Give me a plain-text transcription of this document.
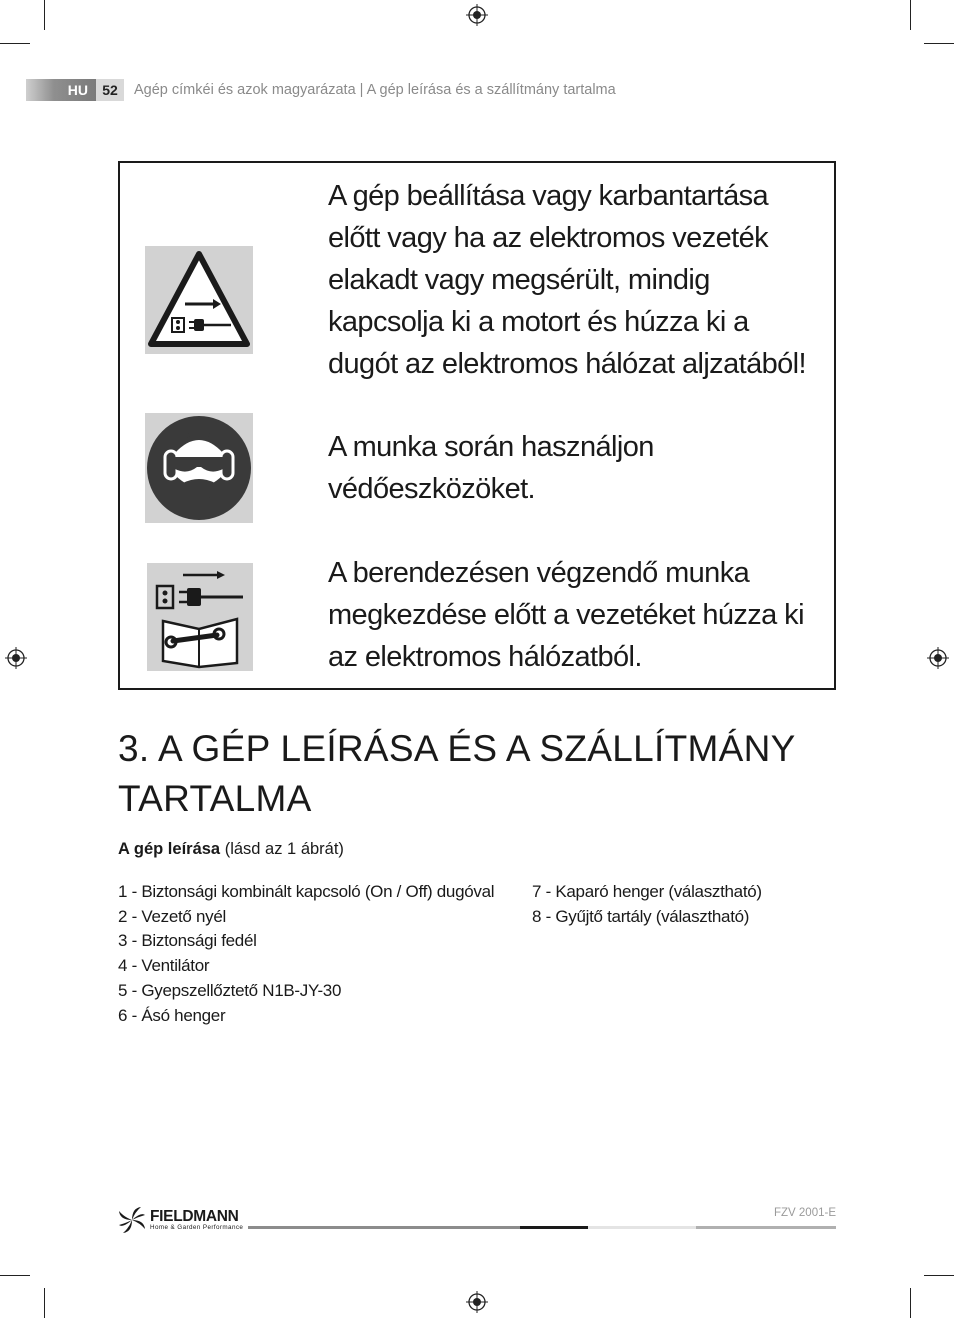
HU	52	Agép címkéi és azok magyarázata | A gép leírása és a szállítmány tartalma
A gép beállítása vagy karbantartása
előtt vagy ha az elektromos vezeték
elakadt vagy megsérült, mindig
kapcsolja ki a motort és húzza ki a
dugót az elektromos hálózat aljzatából!
A munka során használjon
védőeszközöket.
A berendezésen végzendő munka
megkezdése előtt a vezetéket húzza ki
az elektromos hálózatból.
3. A GÉP LEÍRÁSA ÉS A SZÁLLÍTMÁNY
TARTALMA
A gép leírása (lásd az 1 ábrát)
1 - Biztonsági kombinált kapcsoló (On / Off) dugóval
2 - Vezető nyél
3 - Biztonsági fedél
4 - Ventilátor
5 - Gyepszellőztető N1B-JY-30
6 - Ásó henger
7 - Kaparó henger (választható)
8 - Gyűjtő tartály (választható)
FIELDMANN
Home & Garden Performance
FZV 2001-E
